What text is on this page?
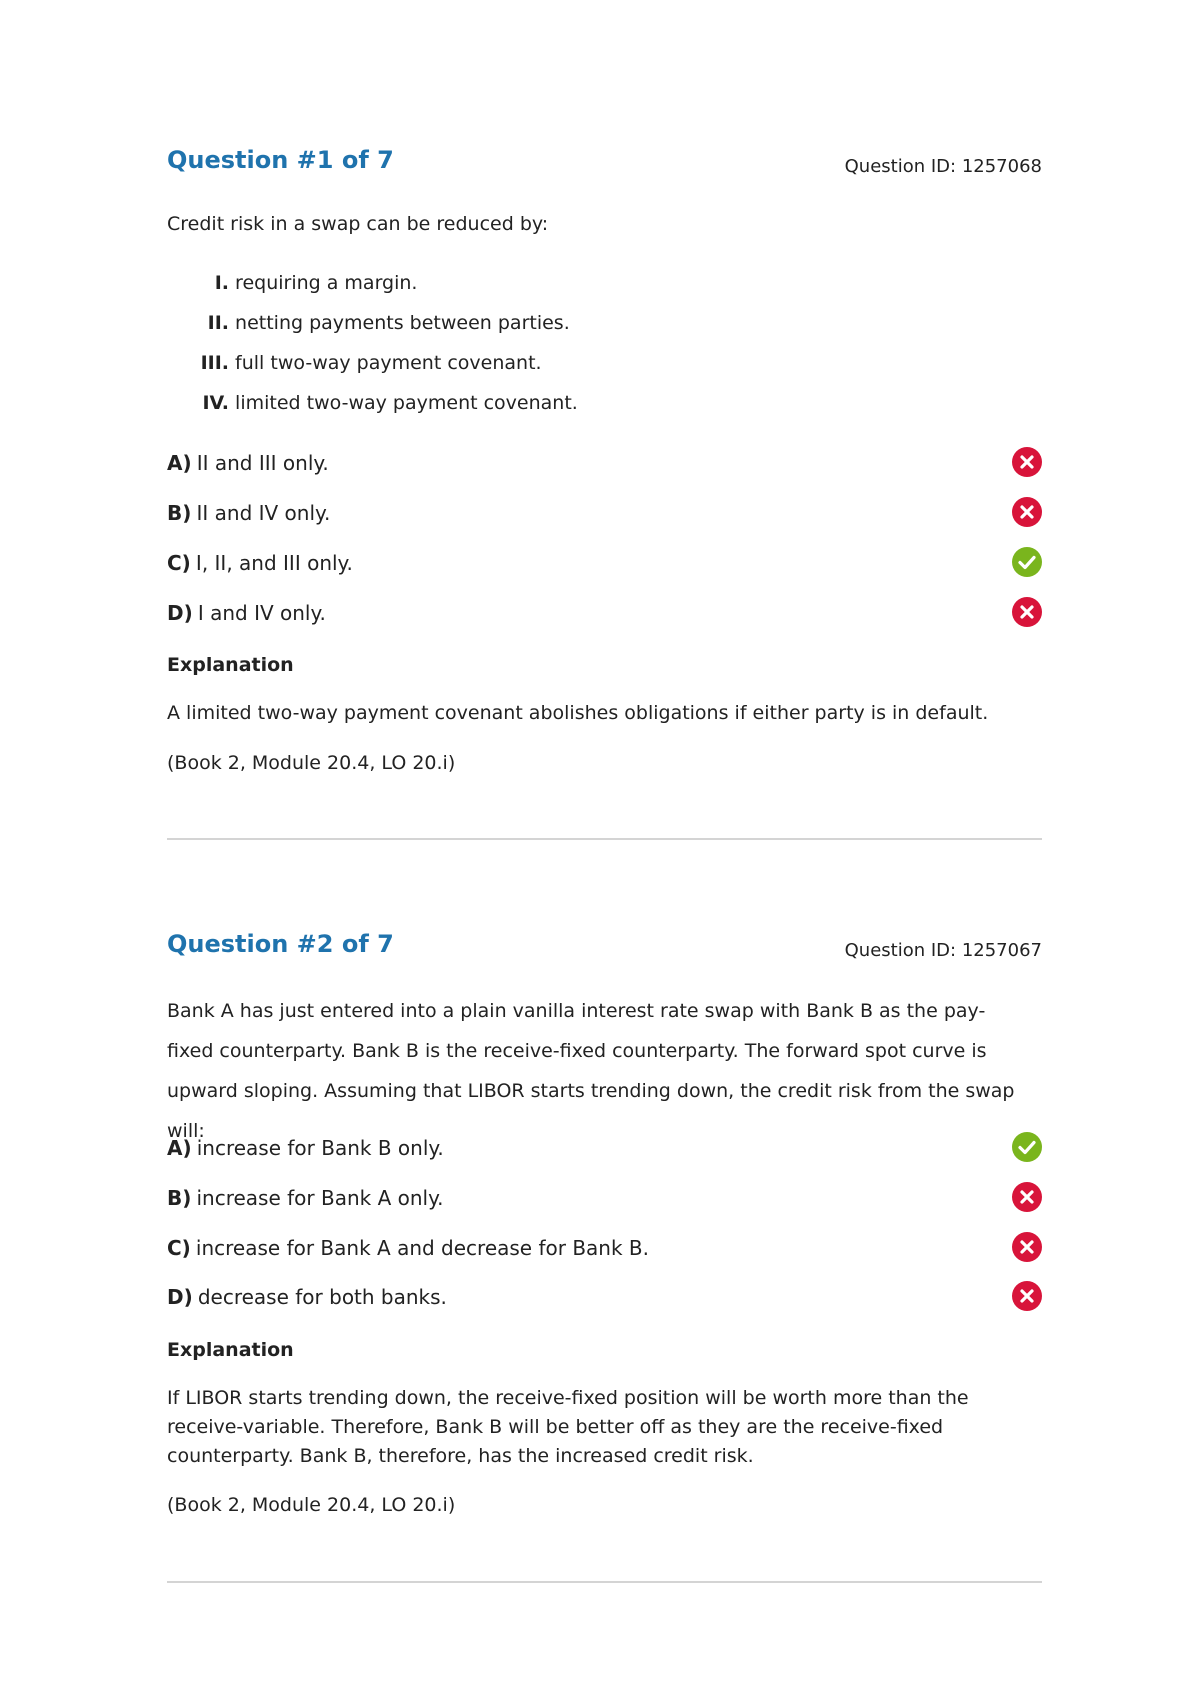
Question #1 of 7	Question ID: 1257068
Credit risk in a swap can be reduced by:
I. requiring a margin.
II. netting payments between parties.
III. full two-way payment covenant.
IV. limited two-way payment covenant.
A) II and III only.
B) II and IV only.
C) I, II, and III only.
D) I and IV only.
Explanation
A limited two-way payment covenant abolishes obligations if either party is in default.
(Book 2, Module 20.4, LO 20.i)
Question #2 of 7	Question ID: 1257067
Bank A has just entered into a plain vanilla interest rate swap with Bank B as the pay-fixed counterparty. Bank B is the receive-fixed counterparty. The forward spot curve is upward sloping. Assuming that LIBOR starts trending down, the credit risk from the swap will:
A) increase for Bank B only.
B) increase for Bank A only.
C) increase for Bank A and decrease for Bank B.
D) decrease for both banks.
Explanation
If LIBOR starts trending down, the receive-fixed position will be worth more than the receive-variable. Therefore, Bank B will be better off as they are the receive-fixed counterparty. Bank B, therefore, has the increased credit risk.
(Book 2, Module 20.4, LO 20.i)
